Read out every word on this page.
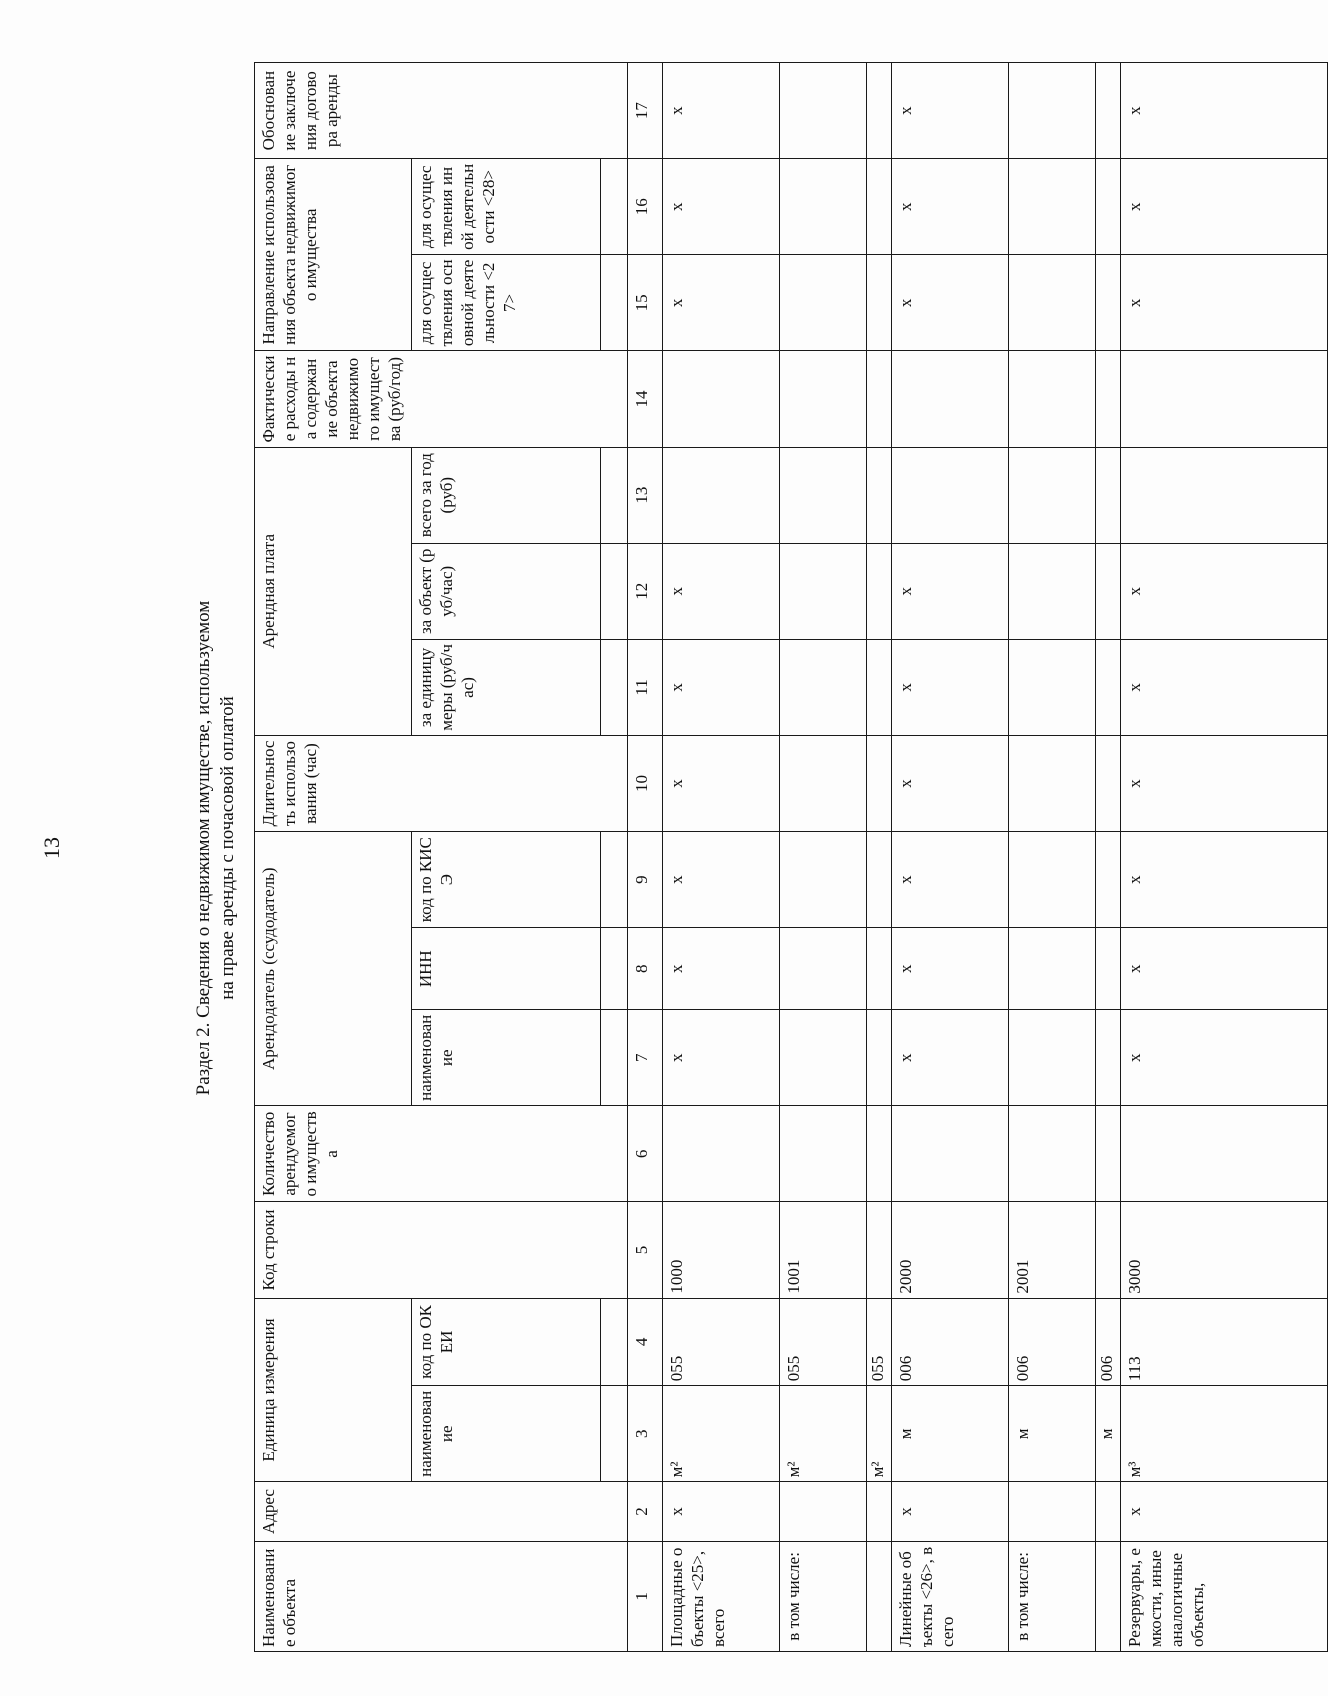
13	Раздел 2. Сведения о недвижимом имуществе, используемом на праве аренды с почасовой оплатой
Наименование объекта	Адрес	Единица измерения		Код строки	Количество арендуемого имущества	Арендодатель (ссудодатель)			Длительность использования (час)	Арендная плата			Фактические расходы на содержание объекта недвижимого имущества (руб/год)	Направление использования объекта недвижимого имущества		Обоснование заключения договора аренды
		наименование	код по ОКЕИ			наименование	ИНН	код по КИСЭ		за единицу меры (руб/час)	за объект (руб/час)	всего за год (руб)		для осуществления основной деятельности <27>	для осуществления иной деятельности <28>	

1	2	3	4	5	6	7	8	9	10	11	12	13	14	15	16	17
Площадные объекты <25>, всего	х	м²	055	1000		х	х	х	х	х	х			х	х	х
в том числе:		м²	055	1001												
		м²	055													
Линейные объекты <26>, всего	х	м	006	2000		х	х	х	х	х	х			х	х	х
в том числе:		м	006	2001												
		м	006													
Резервуары, емкости, иные аналогичные объекты,	х	м³	113	3000		х	х	х	х	х	х			х	х	х
